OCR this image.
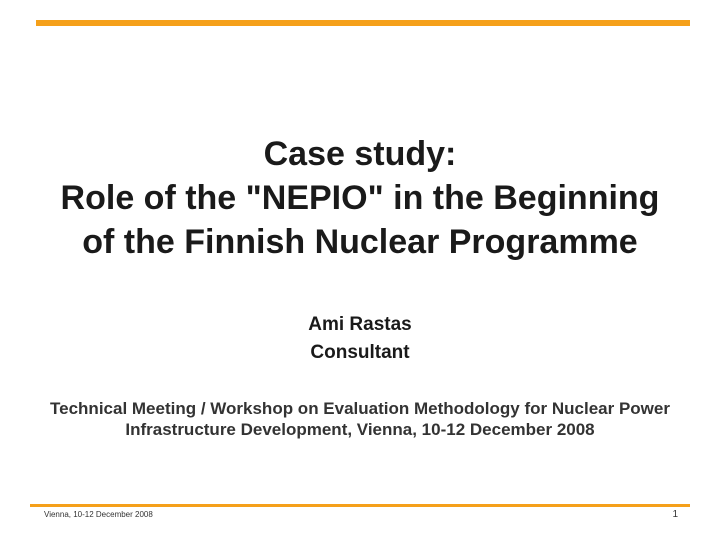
Case study:
Role of the "NEPIO" in the Beginning
of the Finnish Nuclear Programme
Ami Rastas
Consultant
Technical Meeting / Workshop on Evaluation Methodology for Nuclear Power
Infrastructure Development, Vienna, 10-12 December 2008
Vienna, 10-12 December 2008	1
